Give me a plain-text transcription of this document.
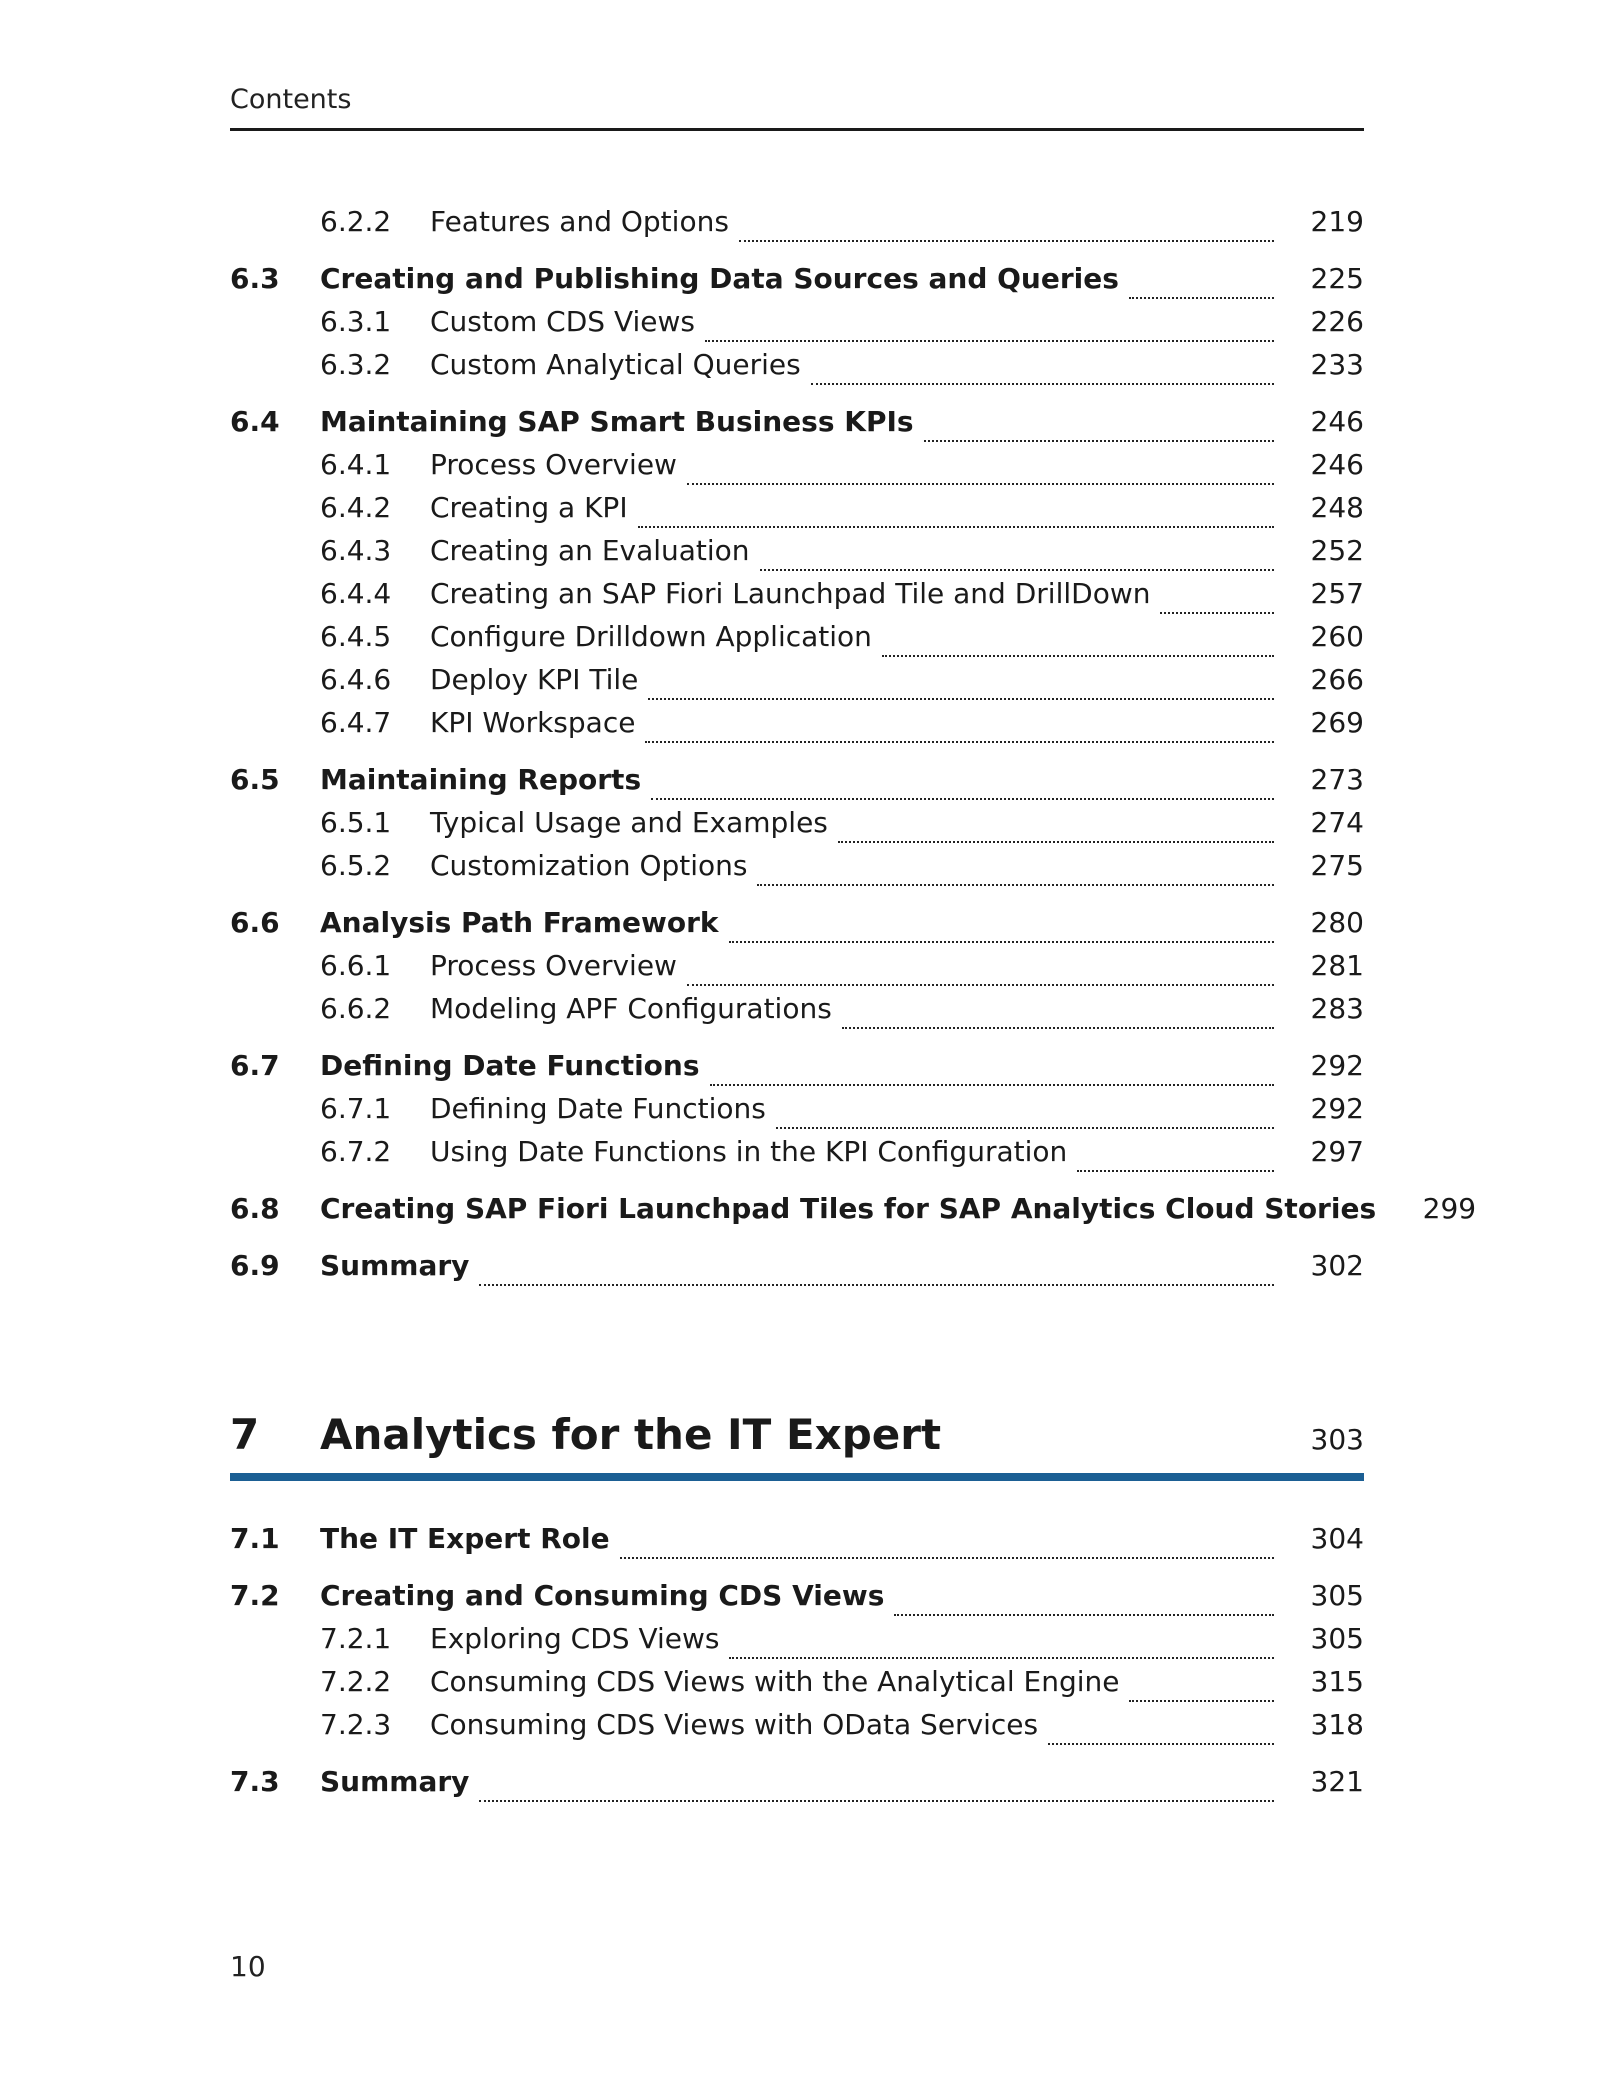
Contents
6.2.2	Features and Options	219
6.3	Creating and Publishing Data Sources and Queries	225
6.3.1	Custom CDS Views	226
6.3.2	Custom Analytical Queries	233
6.4	Maintaining SAP Smart Business KPIs	246
6.4.1	Process Overview	246
6.4.2	Creating a KPI	248
6.4.3	Creating an Evaluation	252
6.4.4	Creating an SAP Fiori Launchpad Tile and DrillDown	257
6.4.5	Configure Drilldown Application	260
6.4.6	Deploy KPI Tile	266
6.4.7	KPI Workspace	269
6.5	Maintaining Reports	273
6.5.1	Typical Usage and Examples	274
6.5.2	Customization Options	275
6.6	Analysis Path Framework	280
6.6.1	Process Overview	281
6.6.2	Modeling APF Configurations	283
6.7	Defining Date Functions	292
6.7.1	Defining Date Functions	292
6.7.2	Using Date Functions in the KPI Configuration	297
6.8	Creating SAP Fiori Launchpad Tiles for SAP Analytics Cloud Stories	299
6.9	Summary	302
7	Analytics for the IT Expert	303
7.1	The IT Expert Role	304
7.2	Creating and Consuming CDS Views	305
7.2.1	Exploring CDS Views	305
7.2.2	Consuming CDS Views with the Analytical Engine	315
7.2.3	Consuming CDS Views with OData Services	318
7.3	Summary	321
10
